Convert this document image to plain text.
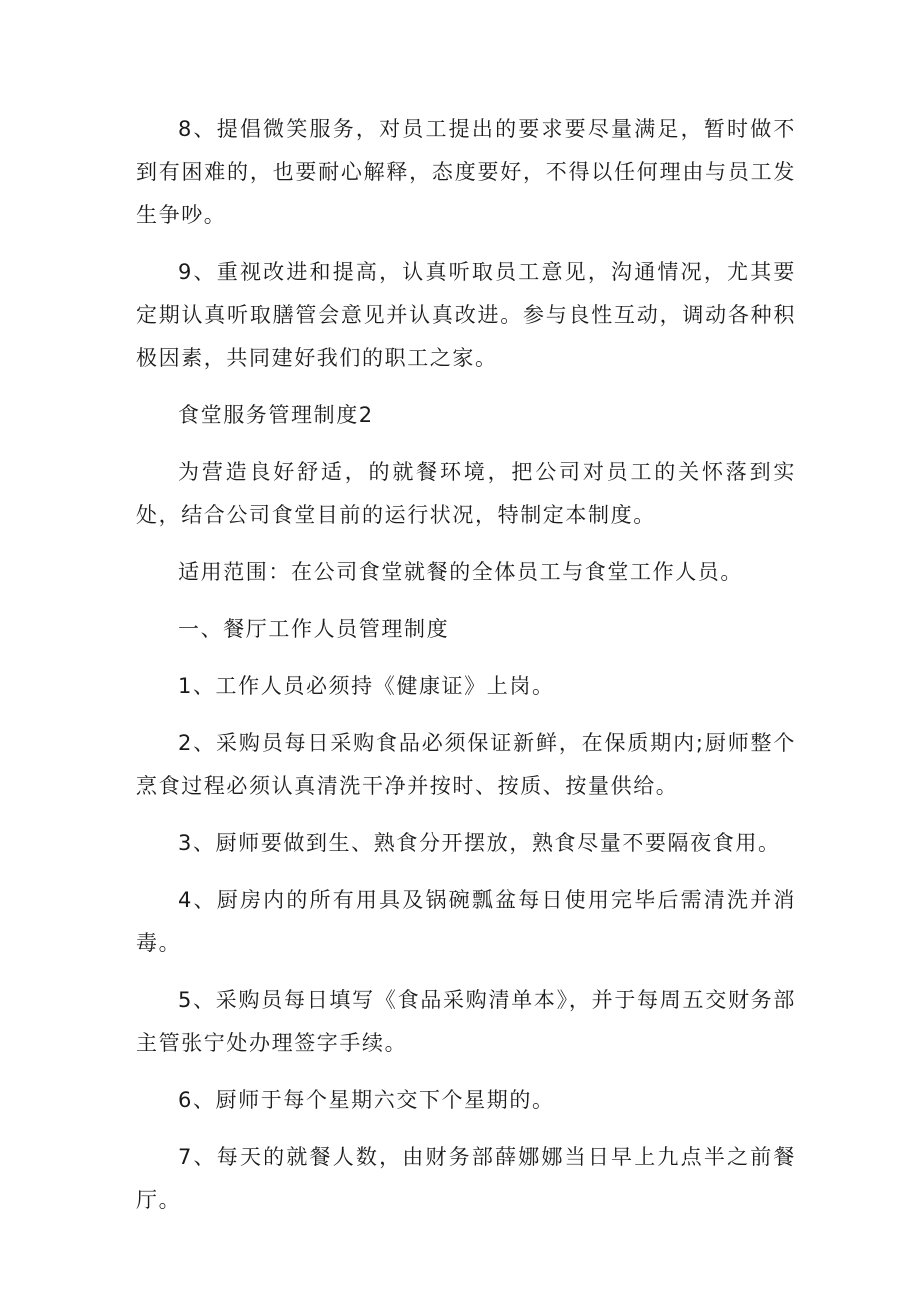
8、提倡微笑服务，对员工提出的要求要尽量满足，暂时做不到有困难的，也要耐心解释，态度要好，不得以任何理由与员工发生争吵。

9、重视改进和提高，认真听取员工意见，沟通情况，尤其要定期认真听取膳管会意见并认真改进。参与良性互动，调动各种积极因素，共同建好我们的职工之家。

食堂服务管理制度2

为营造良好舒适，的就餐环境，把公司对员工的关怀落到实处，结合公司食堂目前的运行状况，特制定本制度。

适用范围：在公司食堂就餐的全体员工与食堂工作人员。

一、餐厅工作人员管理制度

1、工作人员必须持《健康证》上岗。

2、采购员每日采购食品必须保证新鲜，在保质期内;厨师整个烹食过程必须认真清洗干净并按时、按质、按量供给。

3、厨师要做到生、熟食分开摆放，熟食尽量不要隔夜食用。

4、厨房内的所有用具及锅碗瓢盆每日使用完毕后需清洗并消毒。

5、采购员每日填写《食品采购清单本》，并于每周五交财务部主管张宁处办理签字手续。

6、厨师于每个星期六交下个星期的。

7、每天的就餐人数，由财务部薛娜娜当日早上九点半之前餐厅。
